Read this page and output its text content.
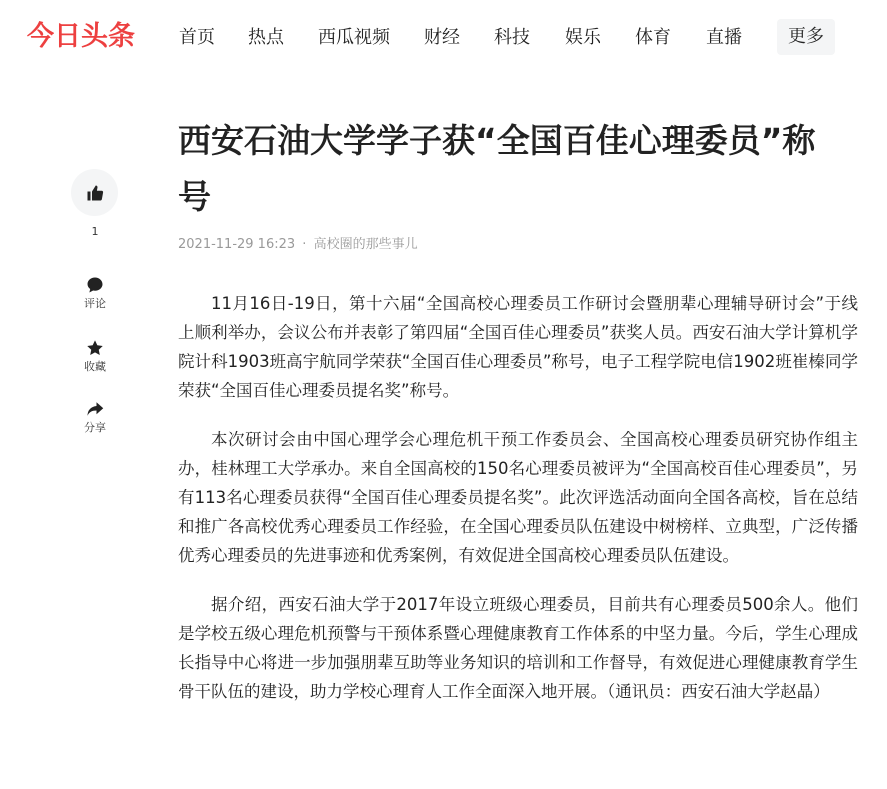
今日头条 首页 热点 西瓜视频 财经 科技 娱乐 体育 直播	更多
1
评论
收藏
分享
西安石油大学学子获“全国百佳心理委员”称号
2021-11-29 16:23 · 高校圈的那些事儿

11月16日-19日，第十六届“全国高校心理委员工作研讨会暨朋辈心理辅导研讨会”于线上顺利举办，会议公布并表彰了第四届“全国百佳心理委员”获奖人员。西安石油大学计算机学院计科1903班高宇航同学荣获“全国百佳心理委员”称号，电子工程学院电信1902班崔榛同学荣获“全国百佳心理委员提名奖”称号。

本次研讨会由中国心理学会心理危机干预工作委员会、全国高校心理委员研究协作组主办，桂林理工大学承办。来自全国高校的150名心理委员被评为“全国高校百佳心理委员”，另有113名心理委员获得“全国百佳心理委员提名奖”。此次评选活动面向全国各高校，旨在总结和推广各高校优秀心理委员工作经验，在全国心理委员队伍建设中树榜样、立典型，广泛传播优秀心理委员的先进事迹和优秀案例，有效促进全国高校心理委员队伍建设。

据介绍，西安石油大学于2017年设立班级心理委员，目前共有心理委员500余人。他们是学校五级心理危机预警与干预体系暨心理健康教育工作体系的中坚力量。今后，学生心理成长指导中心将进一步加强朋辈互助等业务知识的培训和工作督导，有效促进心理健康教育学生骨干队伍的建设，助力学校心理育人工作全面深入地开展。（通讯员：西安石油大学赵晶）
